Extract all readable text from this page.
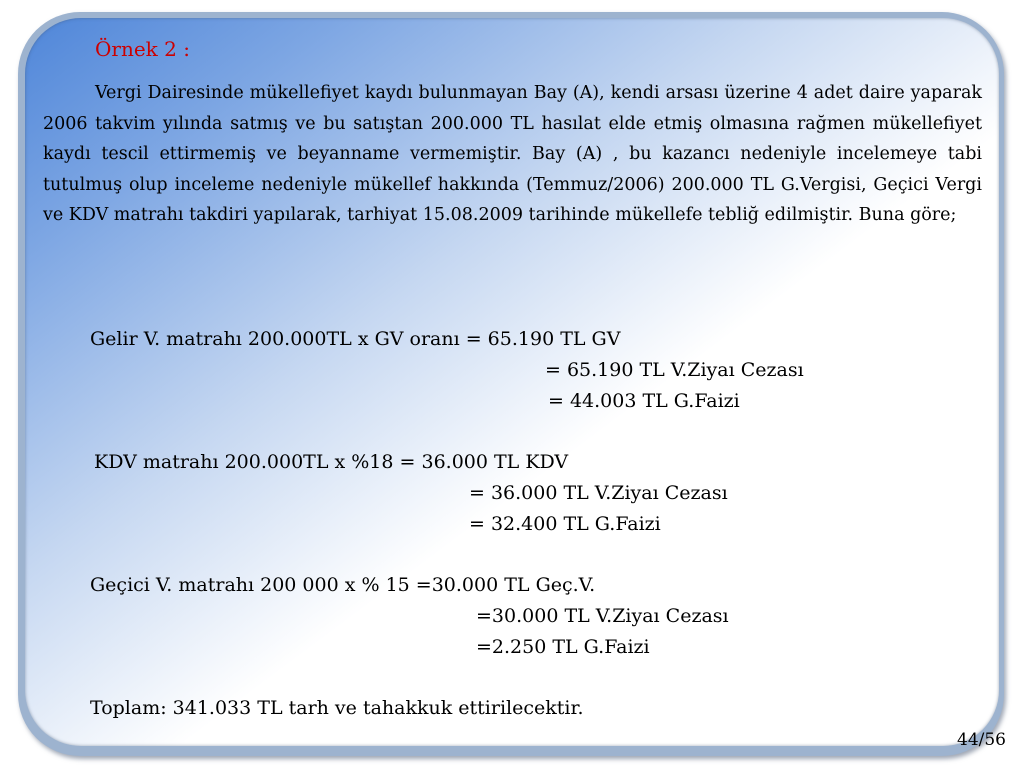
Örnek 2 :
Vergi Dairesinde mükellefiyet kaydı bulunmayan Bay (A), kendi arsası üzerine 4 adet daire yaparak 2006 takvim yılında satmış ve bu satıştan 200.000 TL hasılat elde etmiş olmasına rağmen mükellefiyet kaydı tescil ettirmemiş ve beyanname vermemiştir. Bay (A) , bu kazancı nedeniyle incelemeye tabi tutulmuş olup inceleme nedeniyle mükellef hakkında (Temmuz/2006) 200.000 TL G.Vergisi, Geçici Vergi ve KDV matrahı takdiri yapılarak, tarhiyat 15.08.2009 tarihinde mükellefe tebliğ edilmiştir. Buna göre;
Gelir V. matrahı 200.000TL x GV oranı = 65.190 TL GV
= 65.190 TL V.Ziyaı Cezası
= 44.003 TL G.Faizi
KDV matrahı 200.000TL x %18 = 36.000 TL KDV
= 36.000 TL V.Ziyaı Cezası
= 32.400 TL G.Faizi
Geçici V. matrahı 200 000 x % 15 =30.000 TL Geç.V.
=30.000 TL V.Ziyaı Cezası
=2.250 TL G.Faizi
Toplam: 341.033 TL tarh ve tahakkuk ettirilecektir.
44/56
